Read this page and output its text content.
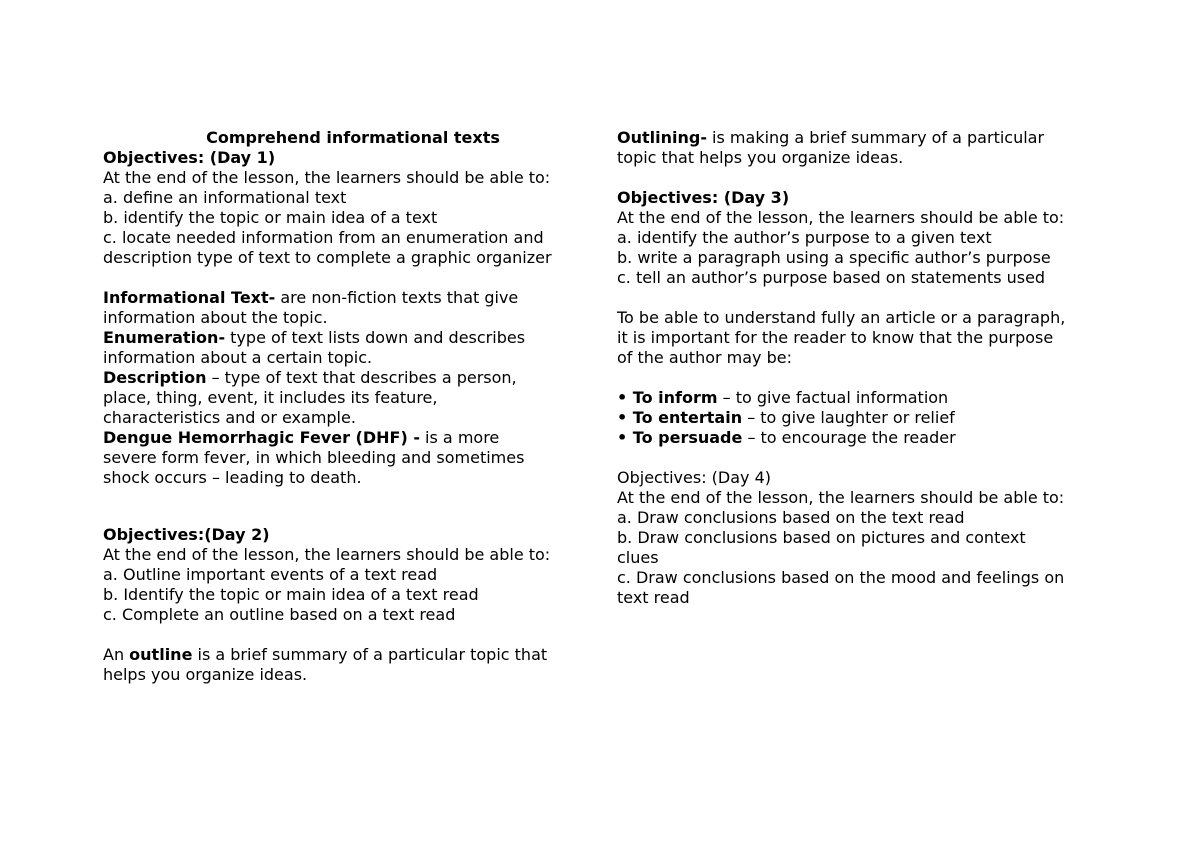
Comprehend informational texts
Objectives: (Day 1)
At the end of the lesson, the learners should be able to:
a. define an informational text
b. identify the topic or main idea of a text
c. locate needed information from an enumeration and
description type of text to complete a graphic organizer
Informational Text- are non-fiction texts that give
information about the topic.
Enumeration- type of text lists down and describes
information about a certain topic.
Description – type of text that describes a person,
place, thing, event, it includes its feature,
characteristics and or example.
Dengue Hemorrhagic Fever (DHF) - is a more
severe form fever, in which bleeding and sometimes
shock occurs – leading to death.
Objectives:(Day 2)
At the end of the lesson, the learners should be able to:
a. Outline important events of a text read
b. Identify the topic or main idea of a text read
c. Complete an outline based on a text read
An outline is a brief summary of a particular topic that
helps you organize ideas.
Outlining- is making a brief summary of a particular
topic that helps you organize ideas.
Objectives: (Day 3)
At the end of the lesson, the learners should be able to:
a. identify the author’s purpose to a given text
b. write a paragraph using a specific author’s purpose
c. tell an author’s purpose based on statements used
To be able to understand fully an article or a paragraph,
it is important for the reader to know that the purpose
of the author may be:
• To inform – to give factual information
• To entertain – to give laughter or relief
• To persuade – to encourage the reader
Objectives: (Day 4)
At the end of the lesson, the learners should be able to:
a. Draw conclusions based on the text read
b. Draw conclusions based on pictures and context
clues
c. Draw conclusions based on the mood and feelings on
text read
